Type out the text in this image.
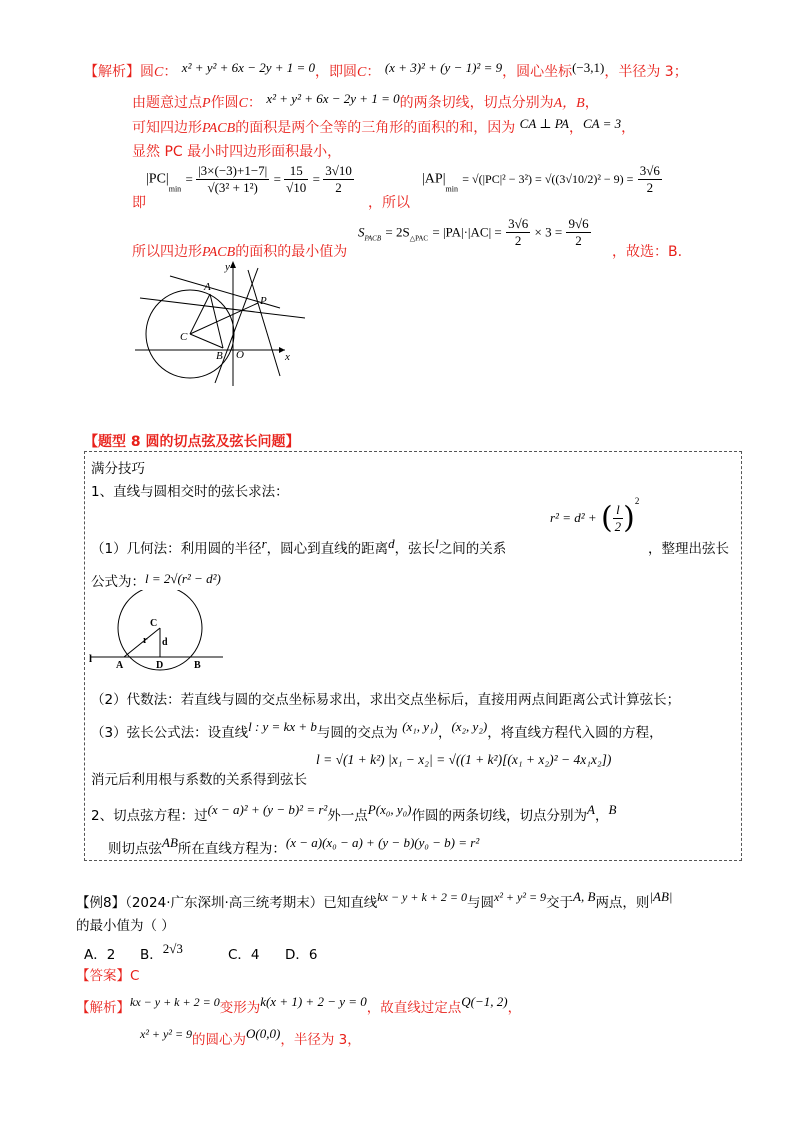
【解析】圆C： x² + y² + 6x − 2y + 1 = 0，即圆C： (x + 3)² + (y − 1)² = 9，圆心坐标(−3,1)，半径为 3；
由题意过点P作圆C： x² + y² + 6x − 2y + 1 = 0的两条切线，切点分别为A，B，
可知四边形PACB的面积是两个全等的三角形的面积的和，因为 CA ⊥ PA，CA = 3，
显然 PC 最小时四边形面积最小，
即
$|PC|_{min} = \frac{|3\times(-3)+1-7|}{\text{√(3² + 1²)}} = \frac{15}{√10} = \frac{3√10}{2}$
，所以
$|AP|_{min} = √(|PC|^2 - 3^2) = √((3√10/2)^2 - 9) = \frac{3√6}{2}$
所以四边形PACB的面积的最小值为
$S_{PACB} = 2S_{\triangle PAC} = |PA|\cdot|AC| = \frac{3√6}{2} \times 3 = \frac{9√6}{2}$
，故选：B.
y
x
A
B
C
P
O
【题型 8 圆的切点弦及弦长问题】
满分技巧
1、直线与圆相交时的弦长求法：
r² = d² + ( $\frac{l}{2} )^2$
（1）几何法：利用圆的半径r，圆心到直线的距离d，弦长l之间的关系	，整理出弦长
公式为：l = 2√(r² − d²)
C
r d
l
A	D	B
（2）代数法：若直线与圆的交点坐标易求出，求出交点坐标后，直接用两点间距离公式计算弦长；
（3）弦长公式法：设直线l : y = kx + b与圆的交点为 (x₁, y₁)，(x₂, y₂)，将直线方程代入圆的方程，
l = √(1 + k²) |x₁ − x₂| = √((1 + k²)[(x₁ + x₂)² − 4x₁x₂])
消元后利用根与系数的关系得到弦长
2、切点弦方程：过(x − a)² + (y − b)² = r²外一点P(x₀, y₀)作圆的两条切线，切点分别为A，B
则切点弦AB所在直线方程为：(x − a)(x₀ − a) + (y − b)(y₀ − b) = r²
【例8】（2024·广东深圳·高三统考期末）已知直线kx − y + k + 2 = 0与圆x² + y² = 9交于A, B两点，则|AB|
的最小值为（ ）
A．2 B．2√3	C．4 D．6
【答案】C
【解析】kx − y + k + 2 = 0变形为k(x + 1) + 2 − y = 0，故直线过定点Q(−1, 2)，
x² + y² = 9的圆心为O(0,0)，半径为 3，
